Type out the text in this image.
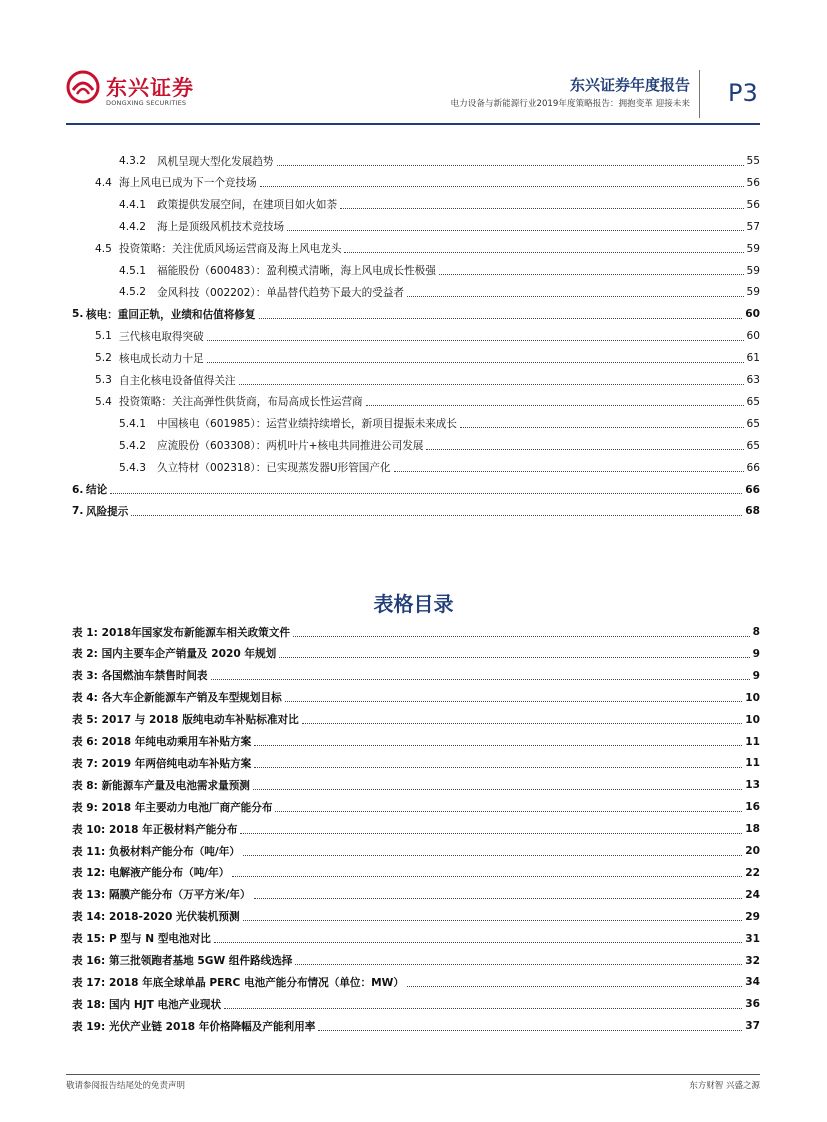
东兴证券
DONGXING SECURITIES
东兴证券年度报告
电力设备与新能源行业2019年度策略报告：拥抱变革 迎接未来 P3
4.3.2	风机呈现大型化发展趋势	55
4.4 海上风电已成为下一个竞技场	56
4.4.1	政策提供发展空间，在建项目如火如荼	56
4.4.2	海上是顶级风机技术竞技场	57
4.5 投资策略：关注优质风场运营商及海上风电龙头	59
4.5.1	福能股份（600483）：盈利模式清晰，海上风电成长性极强	59
4.5.2	金风科技（002202）：单晶替代趋势下最大的受益者	59
5. 核电：重回正轨，业绩和估值将修复	60
5.1 三代核电取得突破	60
5.2 核电成长动力十足	61
5.3 自主化核电设备值得关注	63
5.4 投资策略：关注高弹性供货商，布局高成长性运营商	65
5.4.1	中国核电（601985）：运营业绩持续增长，新项目提振未来成长	65
5.4.2	应流股份（603308）：两机叶片+核电共同推进公司发展	65
5.4.3	久立特材（002318）：已实现蒸发器U形管国产化	66
6. 结论	66
7. 风险提示	68
表格目录
表 1: 2018年国家发布新能源车相关政策文件	8
表 2: 国内主要车企产销量及 2020 年规划	9
表 3: 各国燃油车禁售时间表	9
表 4: 各大车企新能源车产销及车型规划目标	10
表 5: 2017 与 2018 版纯电动车补贴标准对比	10
表 6: 2018 年纯电动乘用车补贴方案	11
表 7: 2019 年两倍纯电动车补贴方案	11
表 8: 新能源车产量及电池需求量预测	13
表 9: 2018 年主要动力电池厂商产能分布	16
表 10: 2018 年正极材料产能分布	18
表 11: 负极材料产能分布（吨/年）	20
表 12: 电解液产能分布（吨/年）	22
表 13: 隔膜产能分布（万平方米/年）	24
表 14: 2018-2020 光伏装机预测	29
表 15: P 型与 N 型电池对比	31
表 16: 第三批领跑者基地 5GW 组件路线选择	32
表 17: 2018 年底全球单晶 PERC 电池产能分布情况（单位：MW）	34
表 18: 国内 HJT 电池产业现状	36
表 19: 光伏产业链 2018 年价格降幅及产能利用率	37
敬请参阅报告结尾处的免责声明	东方财智 兴盛之源
